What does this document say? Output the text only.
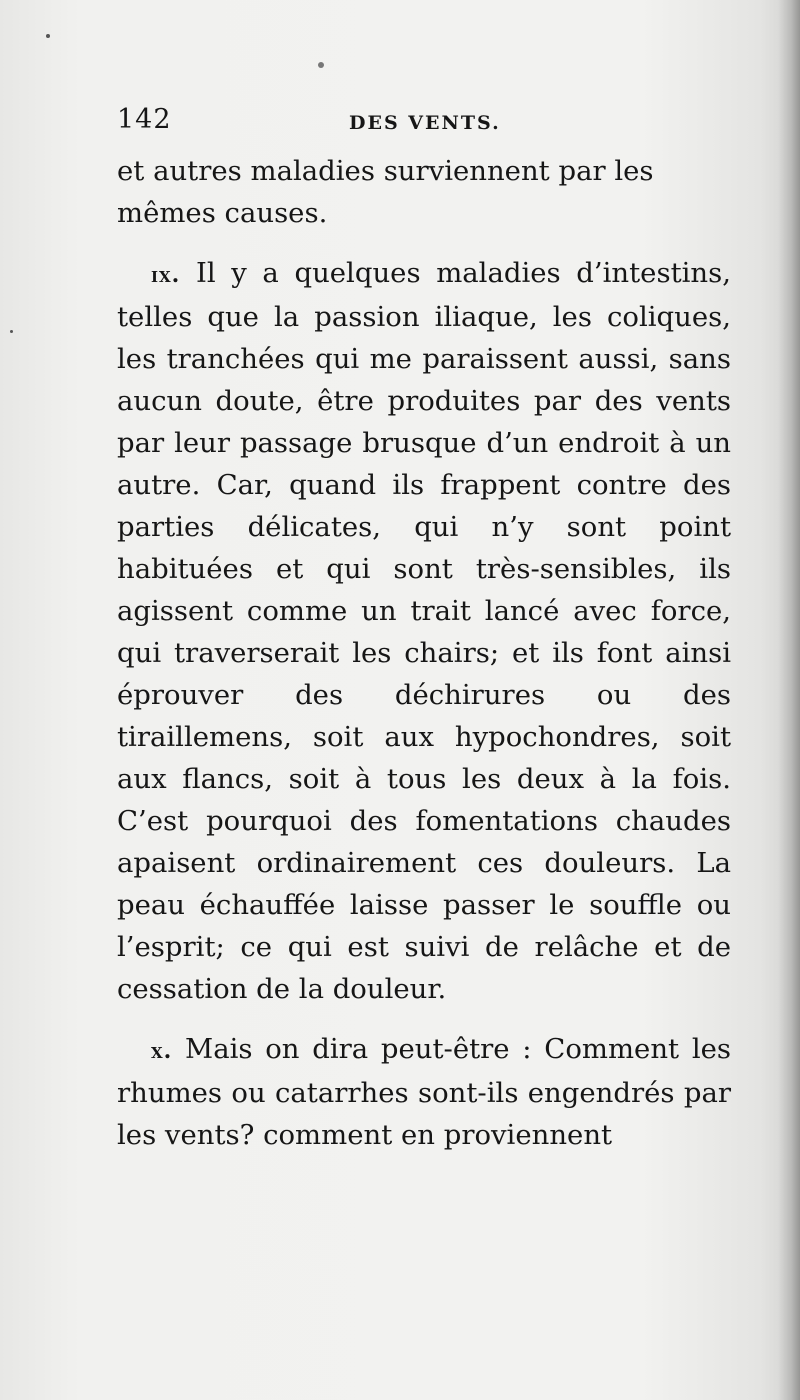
142	DES VENTS.

et autres maladies surviennent par les mêmes causes.

ix. Il y a quelques maladies d’intestins, telles que la passion iliaque, les coliques, les tranchées qui me paraissent aussi, sans aucun doute, être produites par des vents par leur passage brusque d’un endroit à un autre. Car, quand ils frappent contre des parties délicates, qui n’y sont point habituées et qui sont très-sensibles, ils agissent comme un trait lancé avec force, qui traverserait les chairs; et ils font ainsi éprouver des déchirures ou des tiraillemens, soit aux hypochondres, soit aux flancs, soit à tous les deux à la fois. C’est pourquoi des fomentations chaudes apaisent ordinairement ces douleurs. La peau échauffée laisse passer le souffle ou l’esprit; ce qui est suivi de relâche et de cessation de la douleur.

x. Mais on dira peut-être : Comment les rhumes ou catarrhes sont-ils engendrés par les vents? comment en proviennent
